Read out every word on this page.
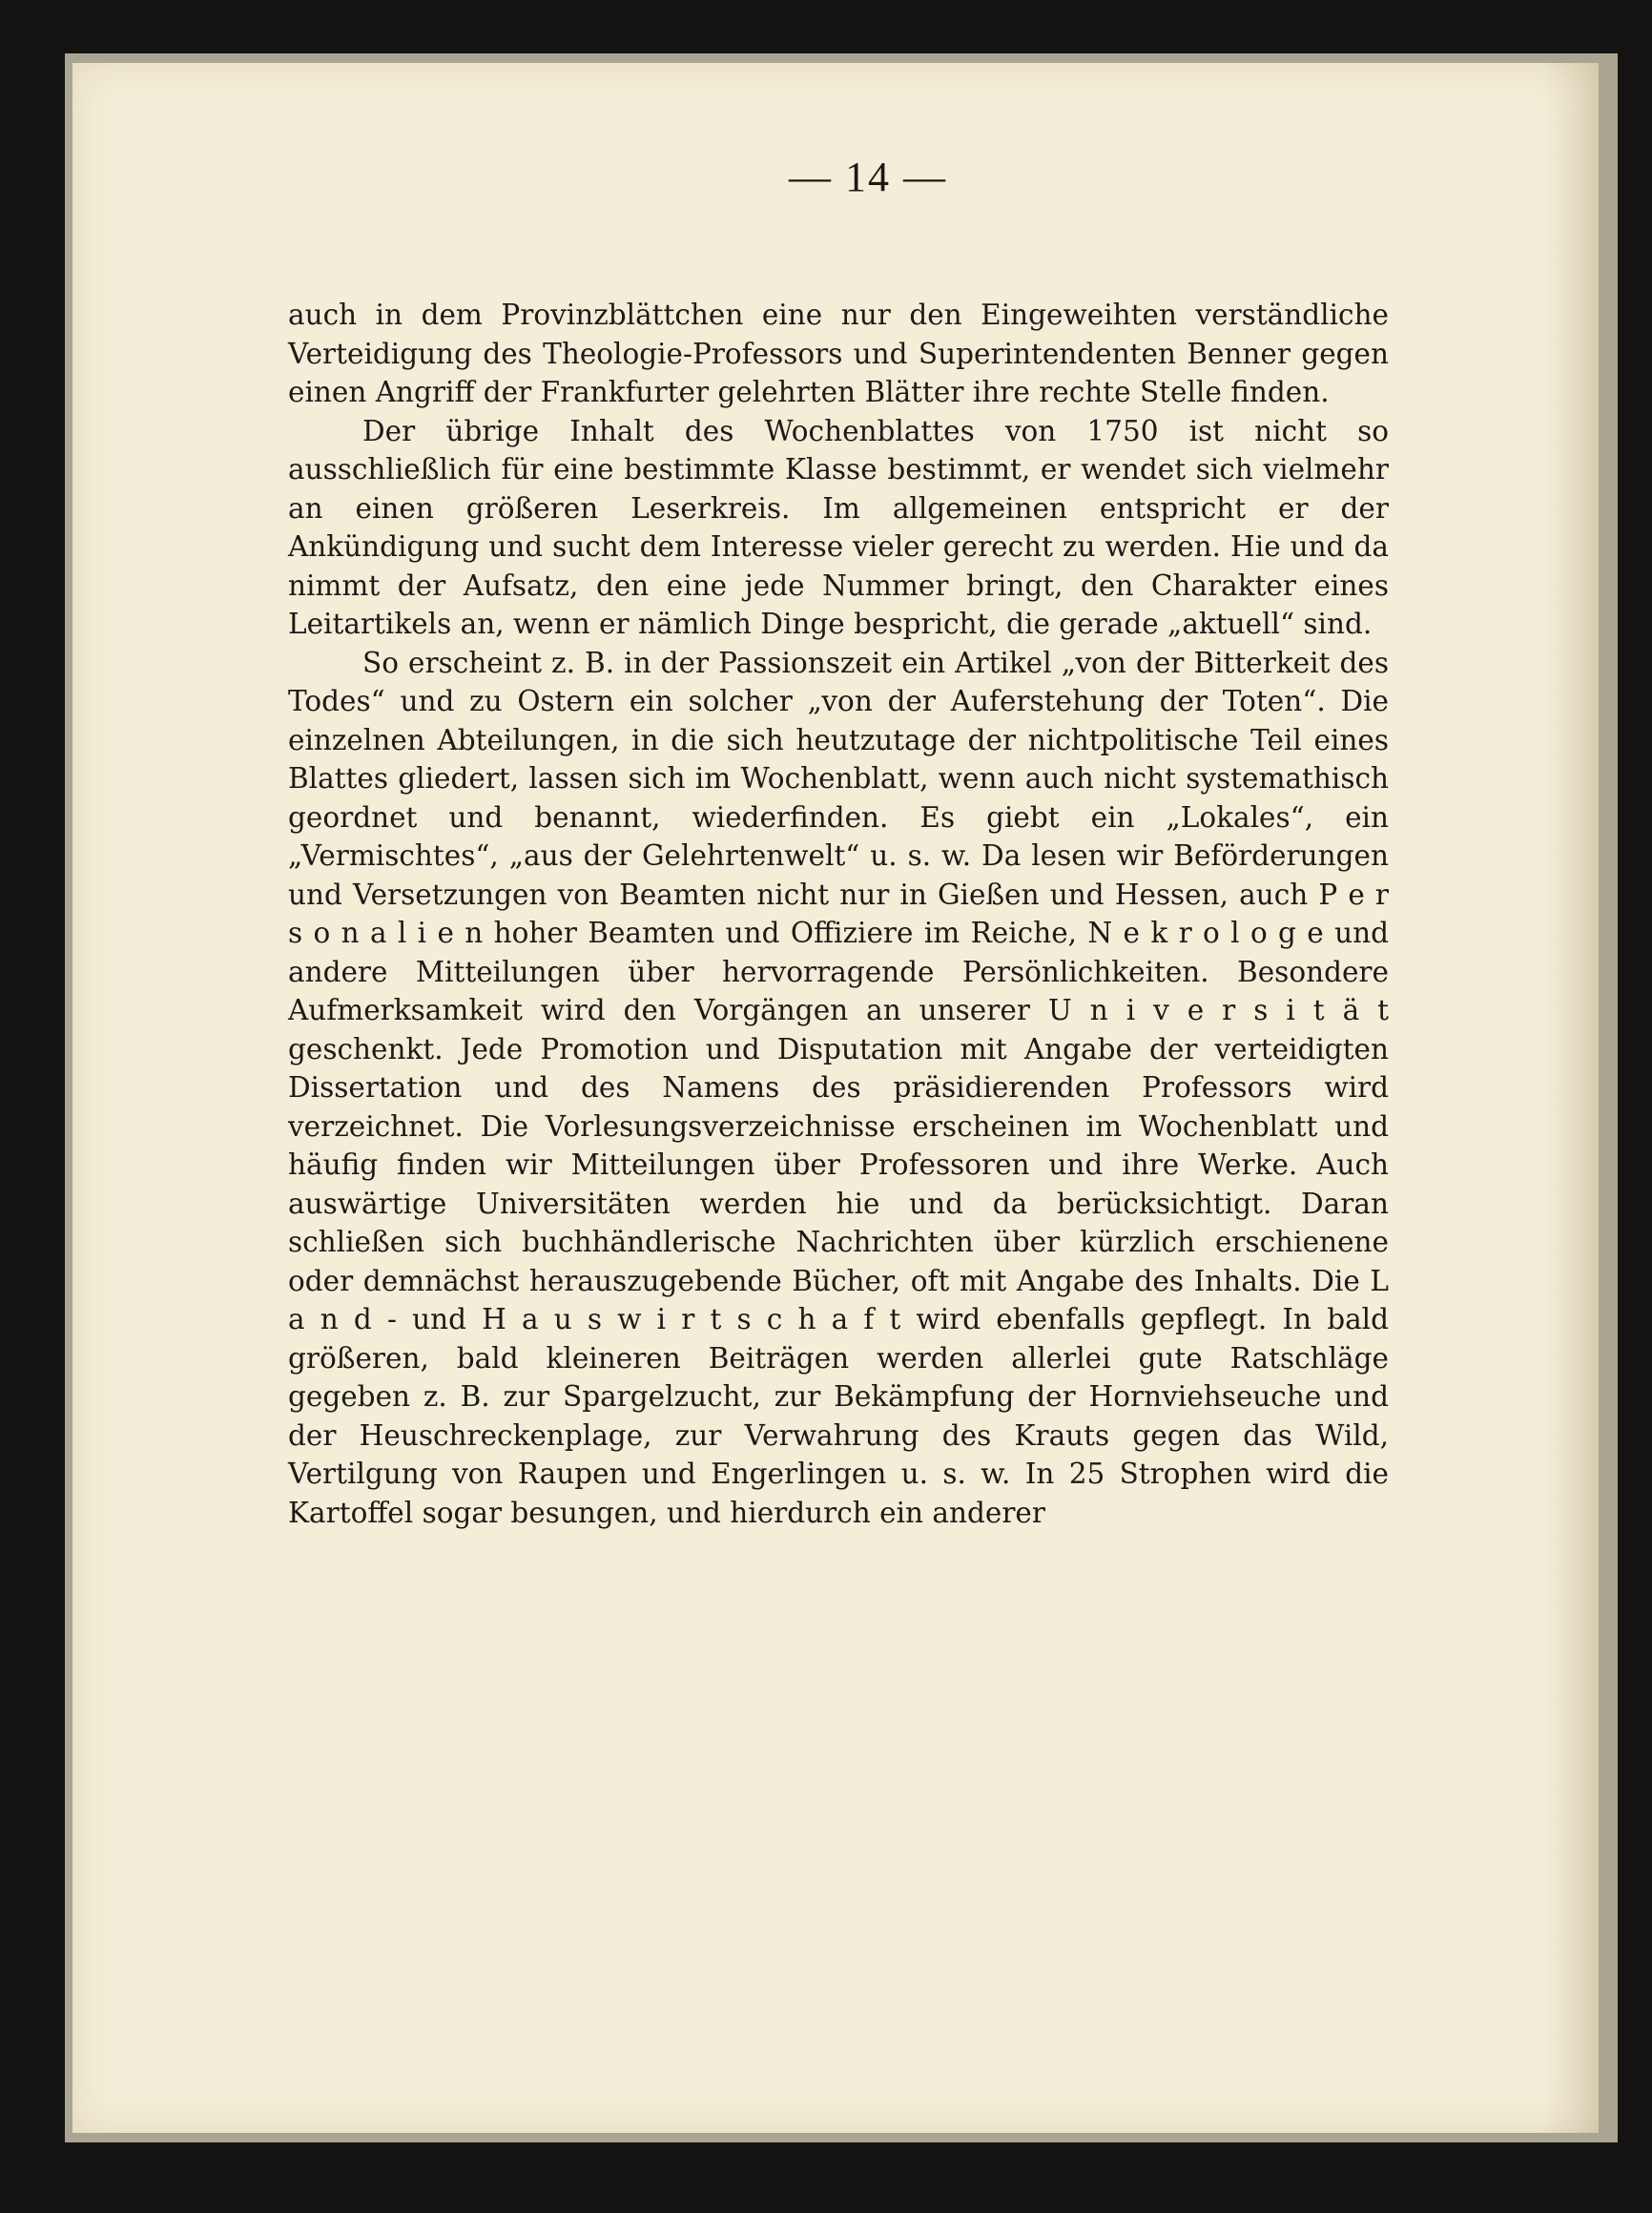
— 14 —

auch in dem Provinzblättchen eine nur den Eingeweihten verständliche Verteidigung des Theologie-Professors und Superintendenten Benner gegen einen Angriff der Frankfurter gelehrten Blätter ihre rechte Stelle finden.

Der übrige Inhalt des Wochenblattes von 1750 ist nicht so ausschließlich für eine bestimmte Klasse bestimmt, er wendet sich vielmehr an einen größeren Leserkreis. Im allgemeinen entspricht er der Ankündigung und sucht dem Interesse vieler gerecht zu werden. Hie und da nimmt der Aufsatz, den eine jede Nummer bringt, den Charakter eines Leitartikels an, wenn er nämlich Dinge bespricht, die gerade „aktuell“ sind.

So erscheint z. B. in der Passionszeit ein Artikel „von der Bitterkeit des Todes“ und zu Ostern ein solcher „von der Auferstehung der Toten“. Die einzelnen Abteilungen, in die sich heutzutage der nichtpolitische Teil eines Blattes gliedert, lassen sich im Wochenblatt, wenn auch nicht systemathisch geordnet und benannt, wiederfinden. Es giebt ein „Lokales“, ein „Vermischtes“, „aus der Gelehrtenwelt“ u. s. w. Da lesen wir Beförderungen und Versetzungen von Beamten nicht nur in Gießen und Hessen, auch P e r s o n a l i e n hoher Beamten und Offiziere im Reiche, N e k r o l o g e und andere Mitteilungen über hervorragende Persönlichkeiten. Besondere Aufmerksamkeit wird den Vorgängen an unserer U n i v e r s i t ä t geschenkt. Jede Promotion und Disputation mit Angabe der verteidigten Dissertation und des Namens des präsidierenden Professors wird verzeichnet. Die Vorlesungsverzeichnisse erscheinen im Wochenblatt und häufig finden wir Mitteilungen über Professoren und ihre Werke. Auch auswärtige Universitäten werden hie und da berücksichtigt. Daran schließen sich buchhändlerische Nachrichten über kürzlich erschienene oder demnächst herauszugebende Bücher, oft mit Angabe des Inhalts. Die L a n d - und H a u s w i r t s c h a f t wird ebenfalls gepflegt. In bald größeren, bald kleineren Beiträgen werden allerlei gute Ratschläge gegeben z. B. zur Spargelzucht, zur Bekämpfung der Hornviehseuche und der Heuschreckenplage, zur Verwahrung des Krauts gegen das Wild, Vertilgung von Raupen und Engerlingen u. s. w. In 25 Strophen wird die Kartoffel sogar besungen, und hierdurch ein anderer
